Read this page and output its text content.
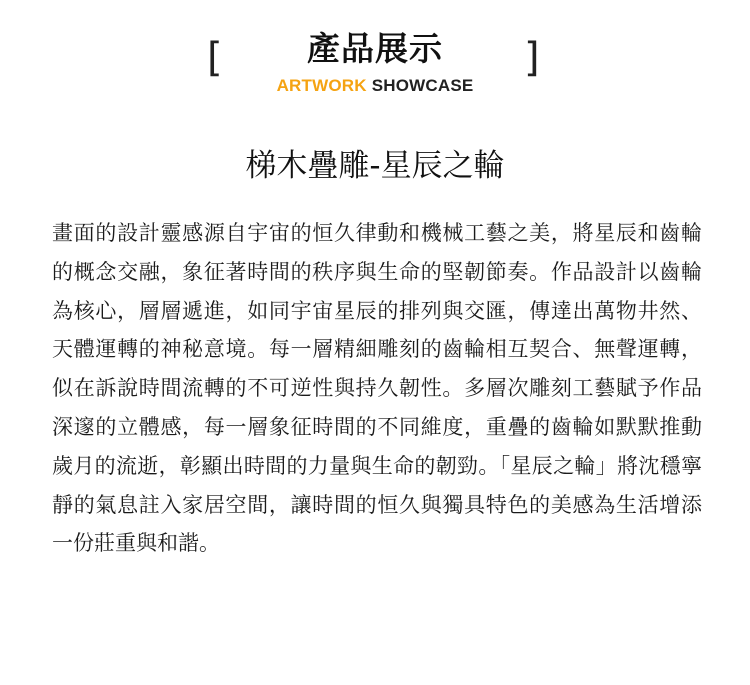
[	產品展示	]
ARTWORK SHOWCASE
梯木疊雕-星辰之輪

畫面的設計靈感源自宇宙的恒久律動和機械工藝之美，將星辰和齒輪的概念交融，象征著時間的秩序與生命的堅韌節奏。作品設計以齒輪為核心，層層遞進，如同宇宙星辰的排列與交匯，傳達出萬物井然、天體運轉的神秘意境。每一層精細雕刻的齒輪相互契合、無聲運轉，似在訴說時間流轉的不可逆性與持久韌性。多層次雕刻工藝賦予作品深邃的立體感，每一層象征時間的不同維度，重疊的齒輪如默默推動歲月的流逝，彰顯出時間的力量與生命的韌勁。「星辰之輪」將沈穩寧靜的氣息註入家居空間，讓時間的恒久與獨具特色的美感為生活增添一份莊重與和諧。
